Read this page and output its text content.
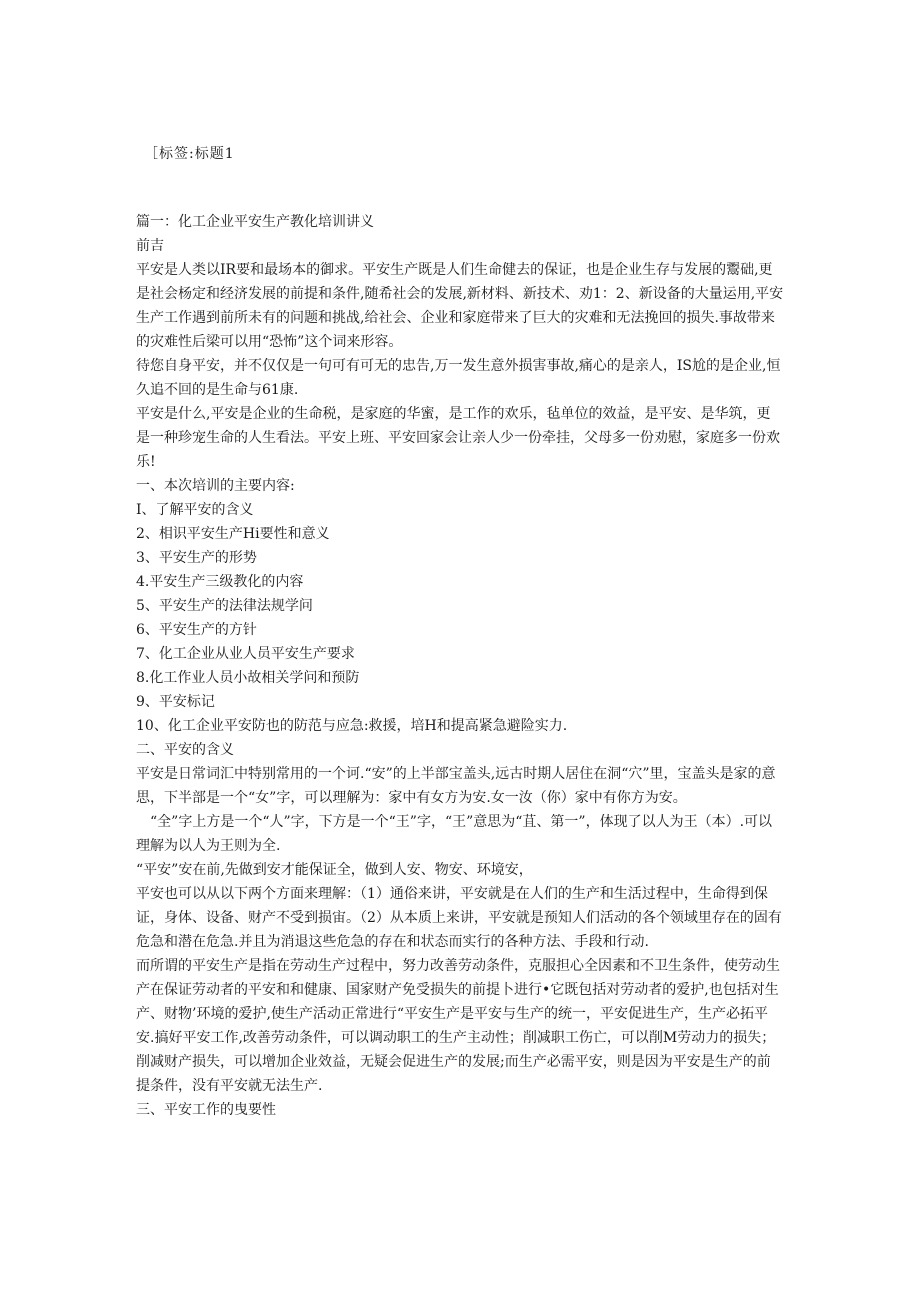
［标签:标题1

篇一：化工企业平安生产教化培训讲义

前吉

平安是人类以IR要和最场本的御求。平安生产既是人们生命健去的保证，也是企业生存与发展的鬻础,更是社会杨定和经济发展的前提和条件,随希社会的发展,新材料、新技术、劝1：2、新设备的大量运用,平安生产工作遇到前所未有的问题和挑战,给社会、企业和家庭带来了巨大的灾难和无法挽回的损失.事故带来的灾难性后梁可以用“恐怖”这个词来形容。

待您自身平安，并不仅仅是一句可有可无的忠告,万一发生意外损害事故,痛心的是亲人，IS尬的是企业,恒久追不回的是生命与61康.

平安是什么,平安是企业的生命税，是家庭的华蜜，是工作的欢乐，毡单位的效益，是平安、是华筑，更是一种珍宠生命的人生看法。平安上班、平安回家会让亲人少一份牵挂，父母多一份劝慰，家庭多一份欢乐!

一、本次培训的主要内容:

I、了解平安的含义

2、相识平安生产Hi要性和意义

3、平安生产的形势

4.平安生产三级教化的内容

5、平安生产的法律法规学问

6、平安生产的方针

7、化工企业从业人员平安生产要求

8.化工作业人员小故相关学问和预防

9、平安标记

10、化工企业平安防也的防范与应急:救援，培H和提高紧急避险实力.

二、平安的含义

平安是日常词汇中特别常用的一个诃.“安”的上半部宝盖头,远古时期人居住在洞“穴”里，宝盖头是家的意思，下半部是一个“女”字，可以理解为：家中有女方为安.女一汝（你）家中有你方为安。

“全”字上方是一个“人”字，下方是一个“王”字，“王”意思为“苴、第一”，体现了以人为王（本）.可以理解为以人为王则为全.

“平安”安在前,先做到安才能保证全，做到人安、物安、环境安，

平安也可以从以下两个方面来理解：（1）通俗来讲，平安就是在人们的生产和生活过程中，生命得到保证，身体、设备、财产不受到损宙。（2）从本质上来讲，平安就是预知人们活动的各个领域里存在的固有危急和潜在危急.并且为消退这些危急的存在和状态而实行的各种方法、手段和行动.

而所谓的平安生产是指在劳动生产过程中，努力改善劳动条件，克服担心全因素和不卫生条件，使劳动生产在保证劳动者的平安和和健康、国家财产免受损失的前提卜进行•它既包括对劳动者的爱护,也包括对生产、财物’环境的爱护,使生产活动正常进行“平安生产是平安与生产的统一，平安促进生产，生产必拓平安.搞好平安工作,改善劳动条件，可以调动职工的生产主动性；削减职工伤亡，可以削M劳动力的损失；削减财产损失，可以增加企业效益，无疑会促进生产的发展;而生产必需平安，则是因为平安是生产的前提条件，没有平安就无法生产.

三、平安工作的曳要性
